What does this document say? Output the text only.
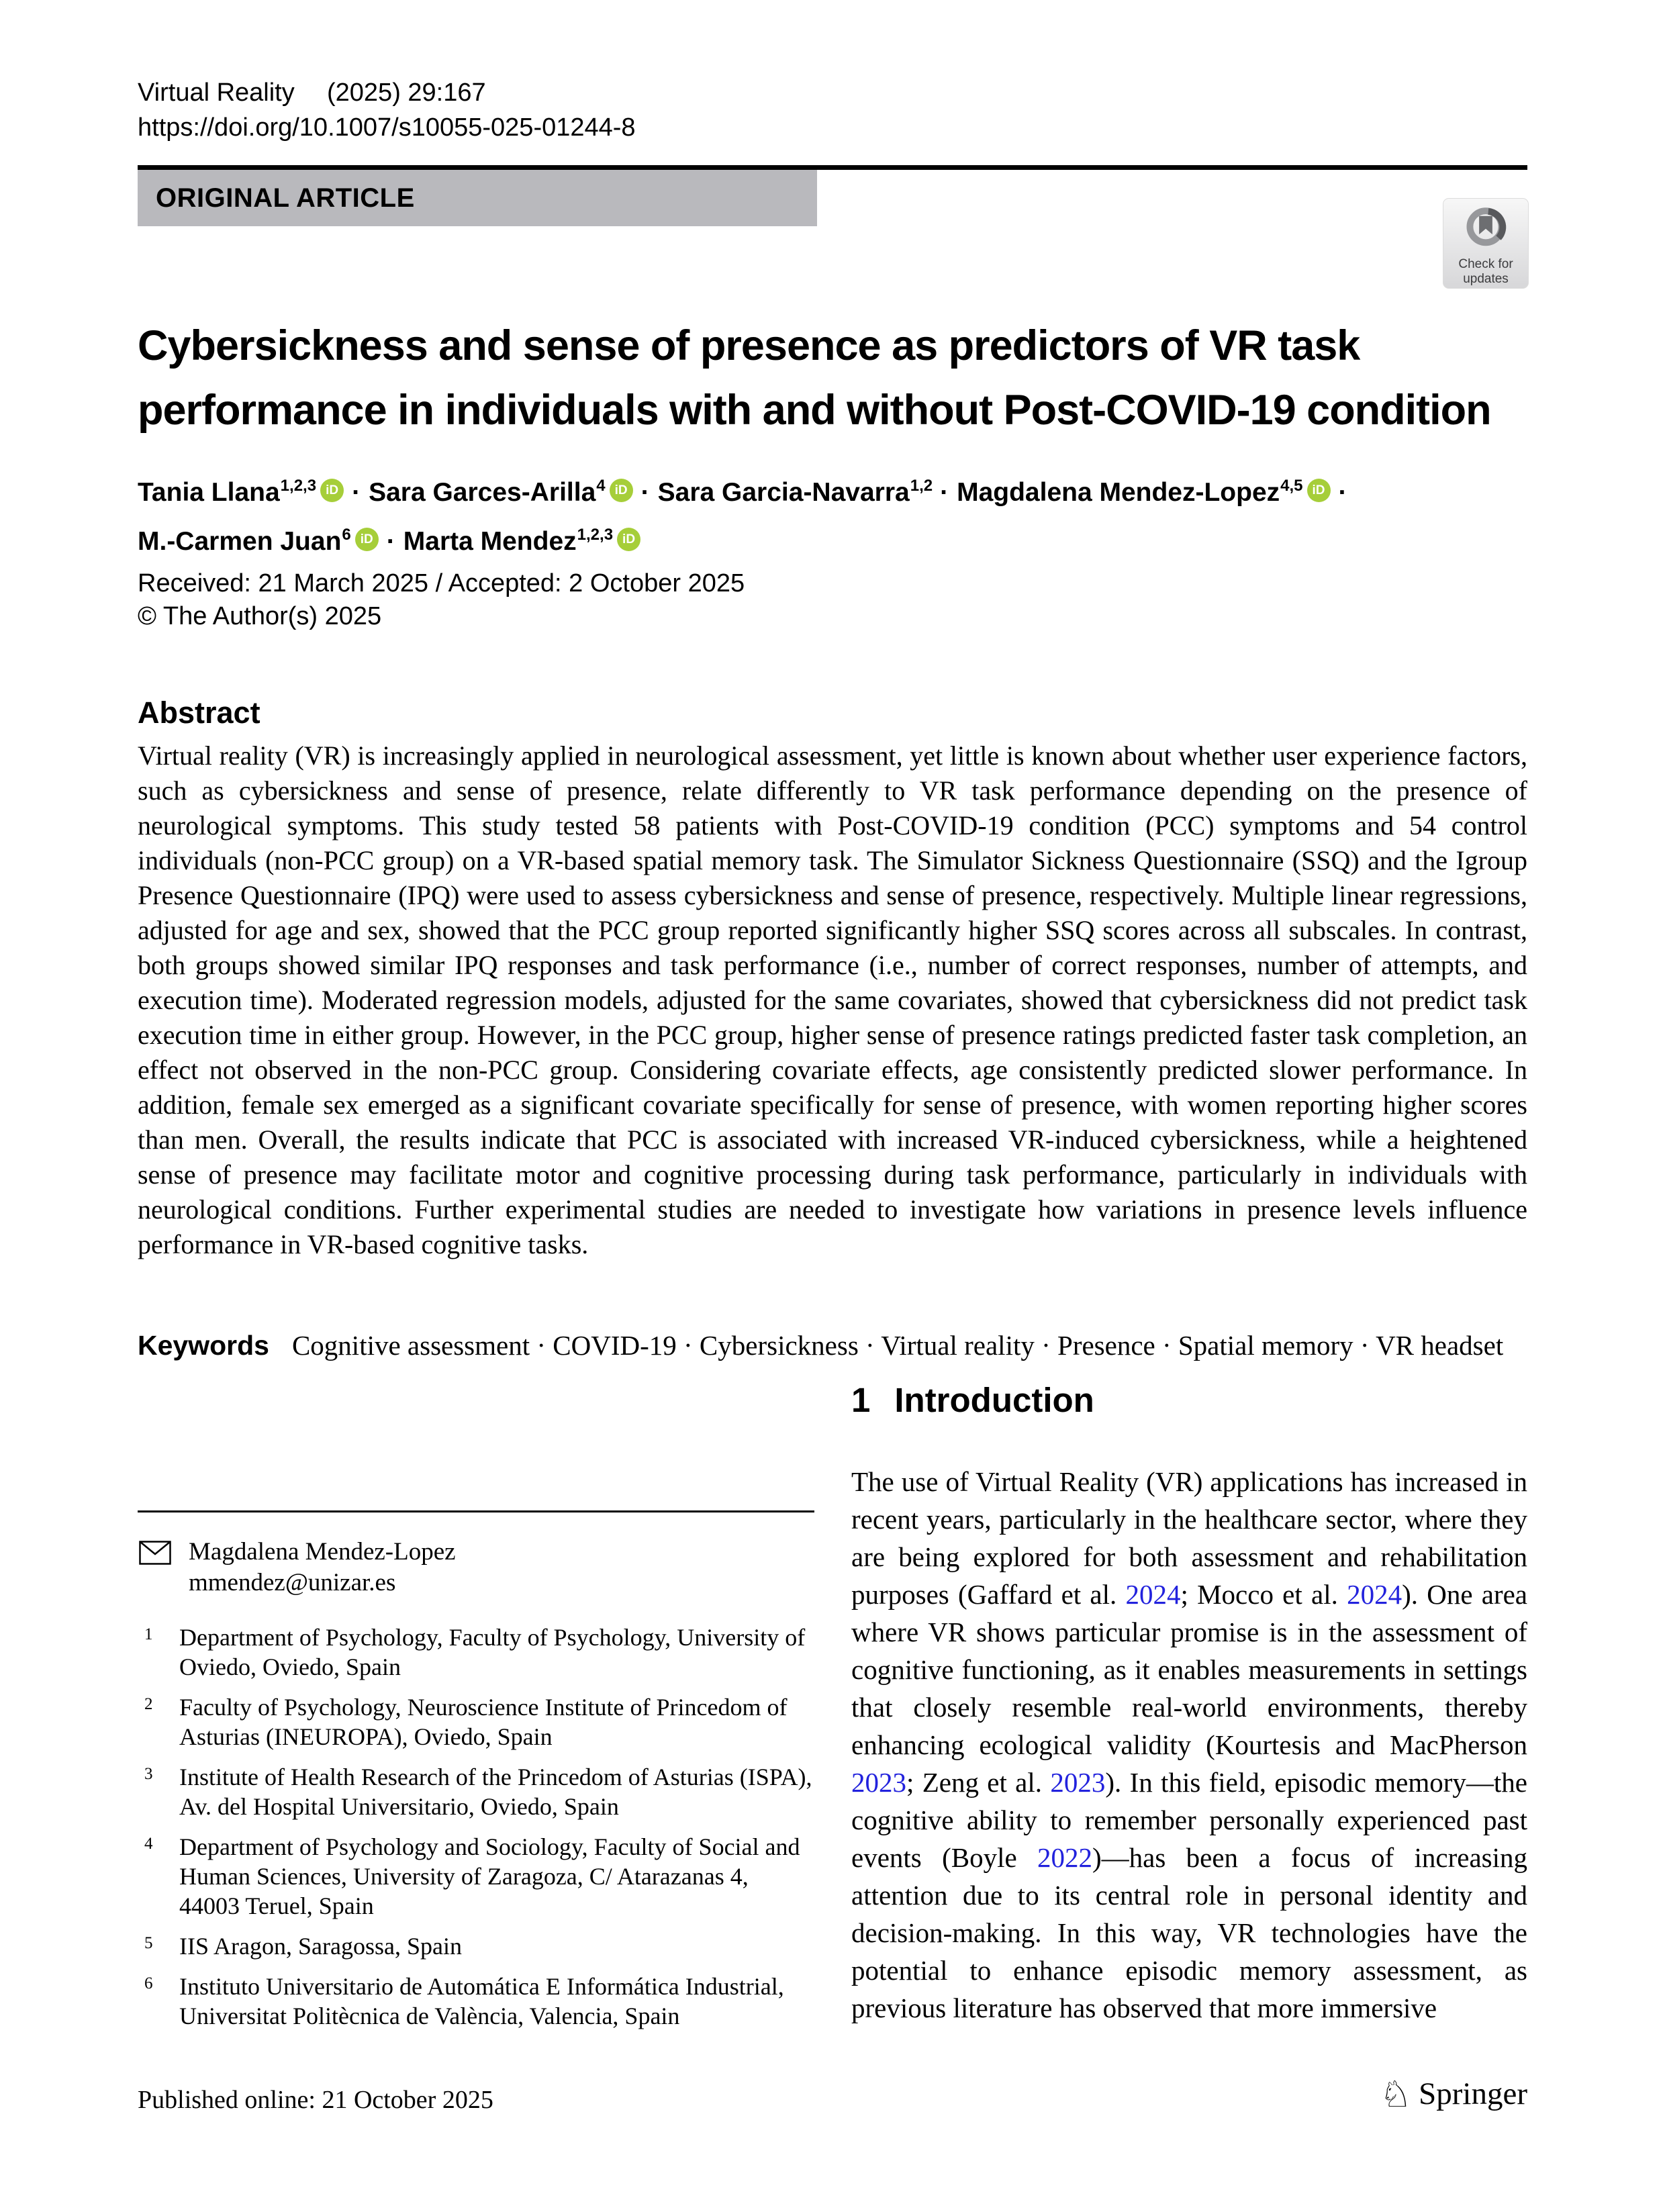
Virtual Reality (2025) 29:167
https://doi.org/10.1007/s10055-025-01244-8
ORIGINAL ARTICLE
Check for updates
Cybersickness and sense of presence as predictors of VR task
performance in individuals with and without Post-COVID-19 condition
Tania Llana$^{1,2,3}$ iD · Sara Garces-Arilla$^4$ iD · Sara Garcia-Navarra$^{1,2}$ · Magdalena Mendez-Lopez$^{4,5}$ iD ·
M.-Carmen Juan$^6$ iD · Marta Mendez$^{1,2,3}$ iD
Received: 21 March 2025 / Accepted: 2 October 2025
© The Author(s) 2025
Abstract
Virtual reality (VR) is increasingly applied in neurological assessment, yet little is known about whether user experience factors, such as cybersickness and sense of presence, relate differently to VR task performance depending on the presence of neurological symptoms. This study tested 58 patients with Post-COVID-19 condition (PCC) symptoms and 54 control individuals (non-PCC group) on a VR-based spatial memory task. The Simulator Sickness Questionnaire (SSQ) and the Igroup Presence Questionnaire (IPQ) were used to assess cybersickness and sense of presence, respectively. Multiple linear regressions, adjusted for age and sex, showed that the PCC group reported significantly higher SSQ scores across all subscales. In contrast, both groups showed similar IPQ responses and task performance (i.e., number of correct responses, number of attempts, and execution time). Moderated regression models, adjusted for the same covariates, showed that cybersickness did not predict task execution time in either group. However, in the PCC group, higher sense of presence ratings predicted faster task completion, an effect not observed in the non-PCC group. Considering covariate effects, age consistently predicted slower performance. In addition, female sex emerged as a significant covariate specifically for sense of presence, with women reporting higher scores than men. Overall, the results indicate that PCC is associated with increased VR-induced cybersickness, while a heightened sense of presence may facilitate motor and cognitive processing during task performance, particularly in individuals with neurological conditions. Further experimental studies are needed to investigate how variations in presence levels influence performance in VR-based cognitive tasks.
Keywords Cognitive assessment · COVID-19 · Cybersickness · Virtual reality · Presence · Spatial memory · VR headset
Magdalena Mendez-Lopez
mmendez@unizar.es
1 Department of Psychology, Faculty of Psychology, University of Oviedo, Oviedo, Spain
2 Faculty of Psychology, Neuroscience Institute of Princedom of Asturias (INEUROPA), Oviedo, Spain
3 Institute of Health Research of the Princedom of Asturias (ISPA), Av. del Hospital Universitario, Oviedo, Spain
4 Department of Psychology and Sociology, Faculty of Social and Human Sciences, University of Zaragoza, C/ Atarazanas 4, 44003 Teruel, Spain
5 IIS Aragon, Saragossa, Spain
6 Instituto Universitario de Automática E Informática Industrial, Universitat Politècnica de València, Valencia, Spain
1 Introduction
The use of Virtual Reality (VR) applications has increased in recent years, particularly in the healthcare sector, where they are being explored for both assessment and rehabilitation purposes (Gaffard et al. 2024; Mocco et al. 2024). One area where VR shows particular promise is in the assessment of cognitive functioning, as it enables measurements in settings that closely resemble real-world environments, thereby enhancing ecological validity (Kourtesis and MacPherson 2023; Zeng et al. 2023). In this field, episodic memory—the cognitive ability to remember personally experienced past events (Boyle 2022)—has been a focus of increasing attention due to its central role in personal identity and decision-making. In this way, VR technologies have the potential to enhance episodic memory assessment, as previous literature has observed that more immersive
Published online: 21 October 2025	♘ Springer
